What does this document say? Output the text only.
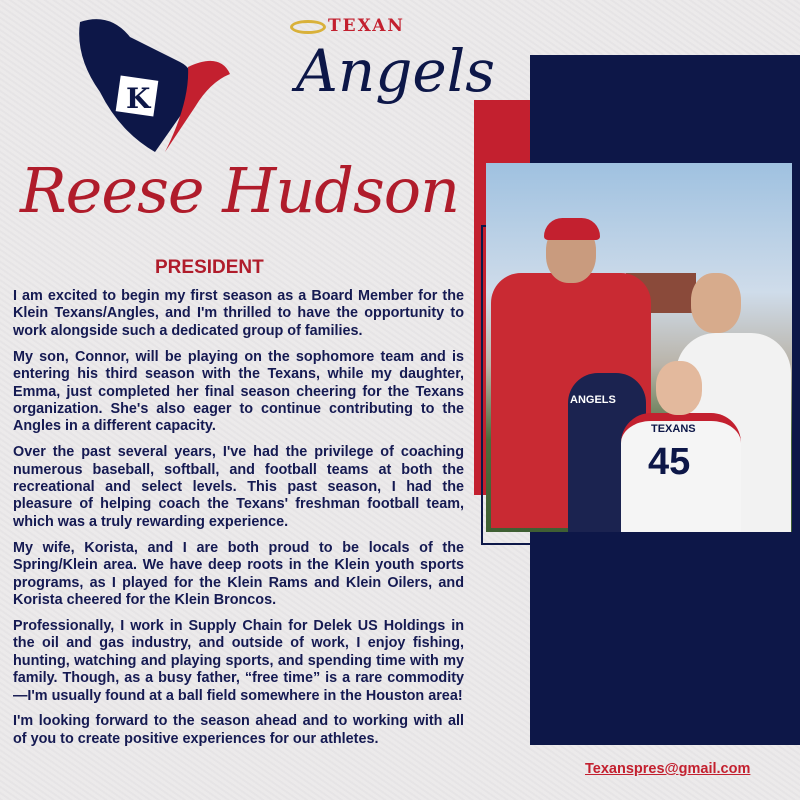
ANGELS
TEXANS
45
K
TEXAN
Angels
Reese Hudson
PRESIDENT

I am excited to begin my first season as a Board Member for the Klein Texans/Angles, and I'm thrilled to have the opportunity to work alongside such a dedicated group of families.

My son, Connor, will be playing on the sophomore team and is entering his third season with the Texans, while my daughter, Emma, just completed her final season cheering for the Texans organization. She's also eager to continue contributing to the Angles in a different capacity.

Over the past several years, I've had the privilege of coaching numerous baseball, softball, and football teams at both the recreational and select levels. This past season, I had the pleasure of helping coach the Texans' freshman football team, which was a truly rewarding experience.

My wife, Korista, and I are both proud to be locals of the Spring/Klein area. We have deep roots in the Klein youth sports programs, as I played for the Klein Rams and Klein Oilers, and Korista cheered for the Klein Broncos.

Professionally, I work in Supply Chain for Delek US Holdings in the oil and gas industry, and outside of work, I enjoy fishing, hunting, watching and playing sports, and spending time with my family. Though, as a busy father, “free time” is a rare commodity—I'm usually found at a ball field somewhere in the Houston area!

I'm looking forward to the season ahead and to working with all of you to create positive experiences for our athletes.

Texanspres@gmail.com
